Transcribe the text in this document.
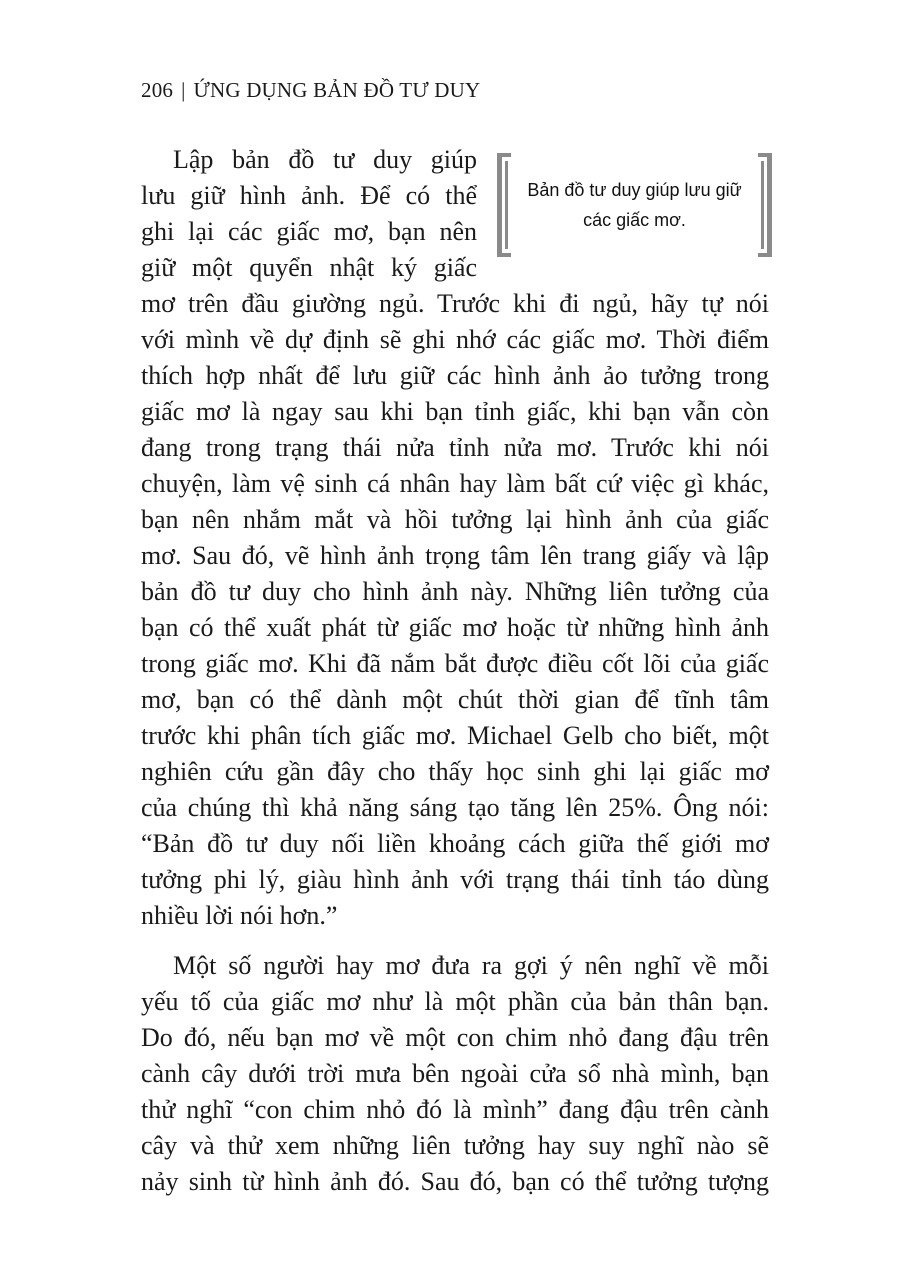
206 | ỨNG DỤNG BẢN ĐỒ TƯ DUY
Bản đồ tư duy giúp lưu giữ
các giấc mơ.
Lập bản đồ tư duy giúp
lưu giữ hình ảnh. Để có thể
ghi lại các giấc mơ, bạn nên
giữ một quyển nhật ký giấc
mơ trên đầu giường ngủ. Trước khi đi ngủ, hãy tự nói
với mình về dự định sẽ ghi nhớ các giấc mơ. Thời điểm
thích hợp nhất để lưu giữ các hình ảnh ảo tưởng trong
giấc mơ là ngay sau khi bạn tỉnh giấc, khi bạn vẫn còn
đang trong trạng thái nửa tỉnh nửa mơ. Trước khi nói
chuyện, làm vệ sinh cá nhân hay làm bất cứ việc gì khác,
bạn nên nhắm mắt và hồi tưởng lại hình ảnh của giấc
mơ. Sau đó, vẽ hình ảnh trọng tâm lên trang giấy và lập
bản đồ tư duy cho hình ảnh này. Những liên tưởng của
bạn có thể xuất phát từ giấc mơ hoặc từ những hình ảnh
trong giấc mơ. Khi đã nắm bắt được điều cốt lõi của giấc
mơ, bạn có thể dành một chút thời gian để tĩnh tâm
trước khi phân tích giấc mơ. Michael Gelb cho biết, một
nghiên cứu gần đây cho thấy học sinh ghi lại giấc mơ
của chúng thì khả năng sáng tạo tăng lên 25%. Ông nói:
“Bản đồ tư duy nối liền khoảng cách giữa thế giới mơ
tưởng phi lý, giàu hình ảnh với trạng thái tỉnh táo dùng
nhiều lời nói hơn.”
Một số người hay mơ đưa ra gợi ý nên nghĩ về mỗi
yếu tố của giấc mơ như là một phần của bản thân bạn.
Do đó, nếu bạn mơ về một con chim nhỏ đang đậu trên
cành cây dưới trời mưa bên ngoài cửa sổ nhà mình, bạn
thử nghĩ “con chim nhỏ đó là mình” đang đậu trên cành
cây và thử xem những liên tưởng hay suy nghĩ nào sẽ
nảy sinh từ hình ảnh đó. Sau đó, bạn có thể tưởng tượng
